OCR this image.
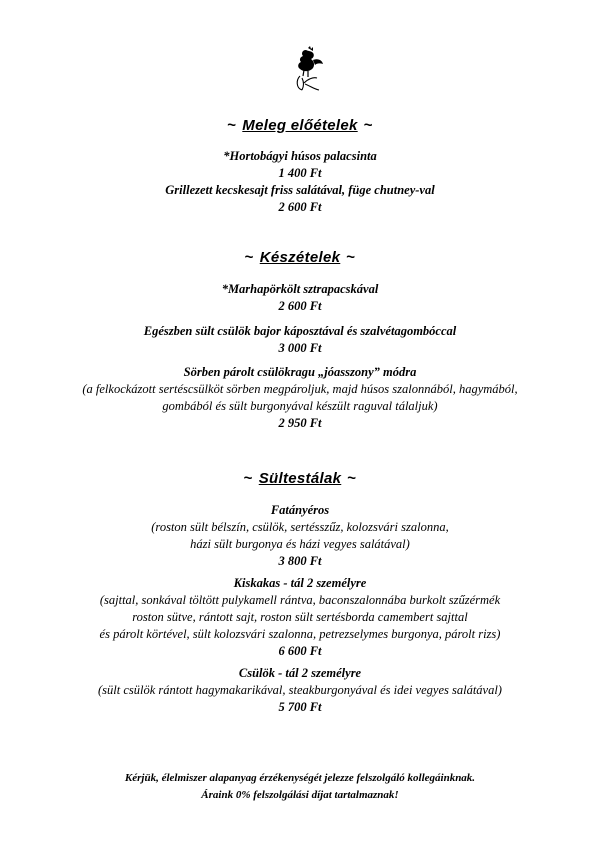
~ Meleg előételek ~
*Hortobágyi húsos palacsinta
1 400 Ft
Grillezett kecskesajt friss salátával, füge chutney-val
2 600 Ft
~ Készételek ~
*Marhapörkölt sztrapacskával
2 600 Ft
Egészben sült csülök bajor káposztával és szalvétagombóccal
3 000 Ft
Sörben párolt csülökragu „jóasszony” módra
(a felkockázott sertéscsülköt sörben megpároljuk, majd húsos szalonnából, hagymából,
gombából és sült burgonyával készült raguval tálaljuk)
2 950 Ft
~ Sültestálak ~
Fatányéros
(roston sült bélszín, csülök, sertésszűz, kolozsvári szalonna,
házi sült burgonya és házi vegyes salátával)
3 800 Ft
Kiskakas - tál 2 személyre
(sajttal, sonkával töltött pulykamell rántva, baconszalonnába burkolt szűzérmék
roston sütve, rántott sajt, roston sült sertésborda camembert sajttal
és párolt körtével, sült kolozsvári szalonna, petrezselymes burgonya, párolt rizs)
6 600 Ft
Csülök - tál 2 személyre
(sült csülök rántott hagymakarikával, steakburgonyával és idei vegyes salátával)
5 700 Ft
Kérjük, élelmiszer alapanyag érzékenységét jelezze felszolgáló kollegáinknak.
Áraink 0% felszolgálási díjat tartalmaznak!
